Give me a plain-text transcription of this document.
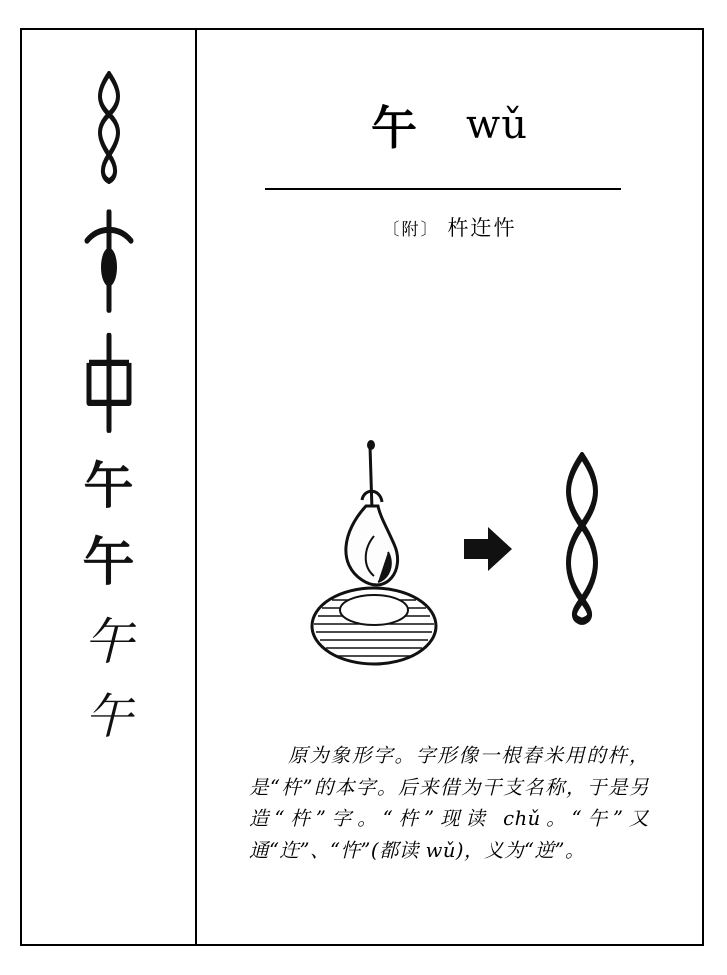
午
午
午
午
午 wǔ
〔附〕 杵迕忤

原为象形字。字形像一根舂米用的杵，是“杵”的本字。后来借为干支名称，于是另造“杵”字。“杵”现读 chǔ。“午”又通“迕”、“忤”(都读 wǔ)，义为“逆”。
